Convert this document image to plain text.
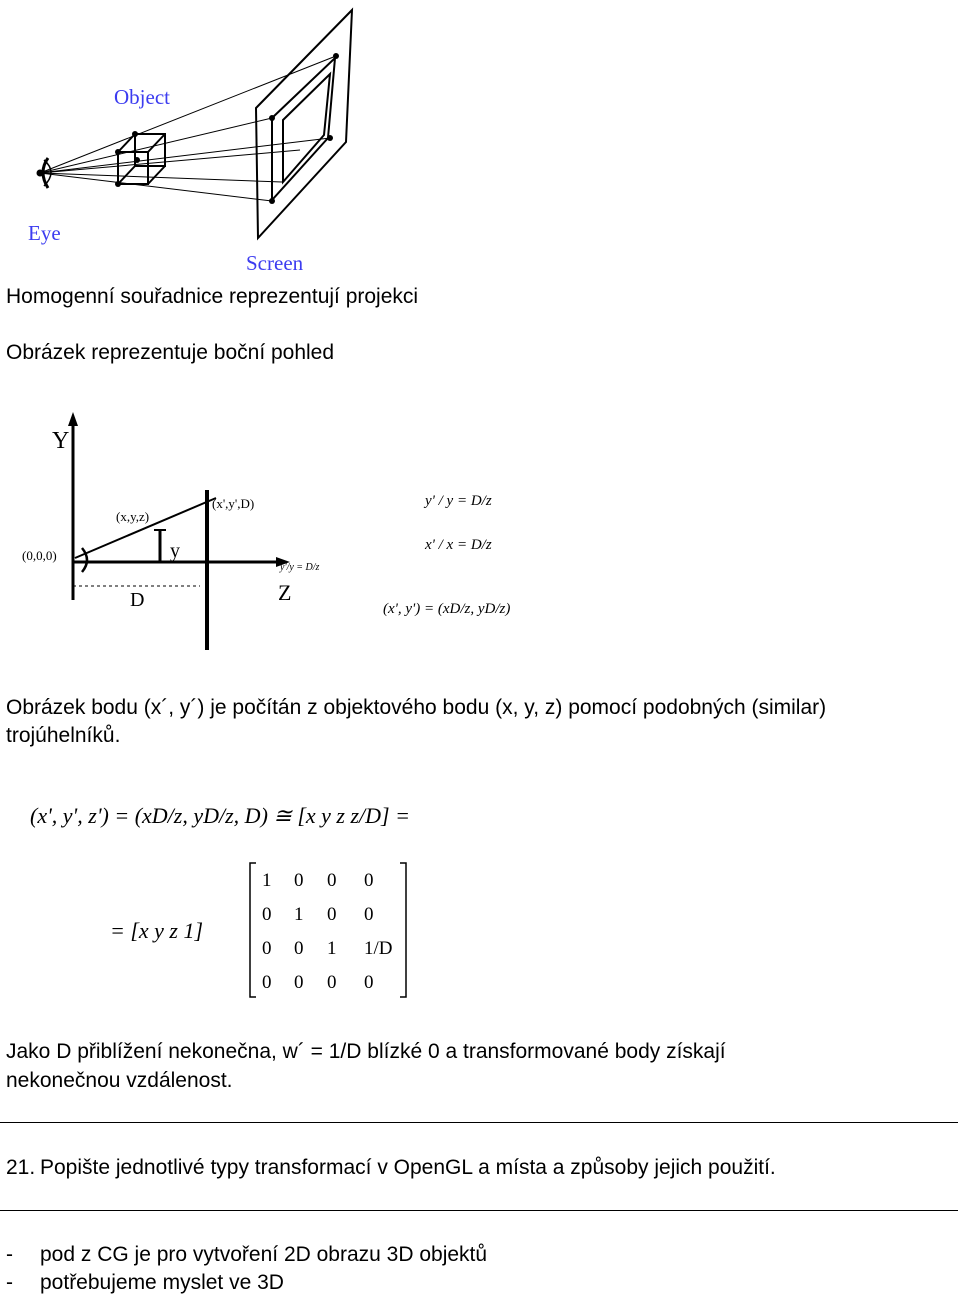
Object
Eye
Screen
Homogenní souřadnice reprezentují projekci
Obrázek reprezentuje boční pohled
Y
Z
(0,0,0)
(x,y,z)
(x',y',D)
y
D
y'/y = D/z
y' / y = D/z
x' / x = D/z
(x', y') = (xD/z, yD/z)
Obrázek bodu (x´, y´) je počítán z objektového bodu (x, y, z) pomocí podobných (similar)
trojúhelníků.
(x', y', z') = (xD/z, yD/z, D) ≅ [x y z z/D] =
= [x y z 1]
1 0 0 0
0 1 0 0
0 0 1 1/D
0 0 0 0
Jako D přiblížení nekonečna, w´ = 1/D blízké 0 a transformované body získají
nekonečnou vzdálenost.
21. Popište jednotlivé typy transformací v OpenGL a místa a způsoby jejich použití.
- pod z CG je pro vytvoření 2D obrazu 3D objektů
- potřebujeme myslet ve 3D
